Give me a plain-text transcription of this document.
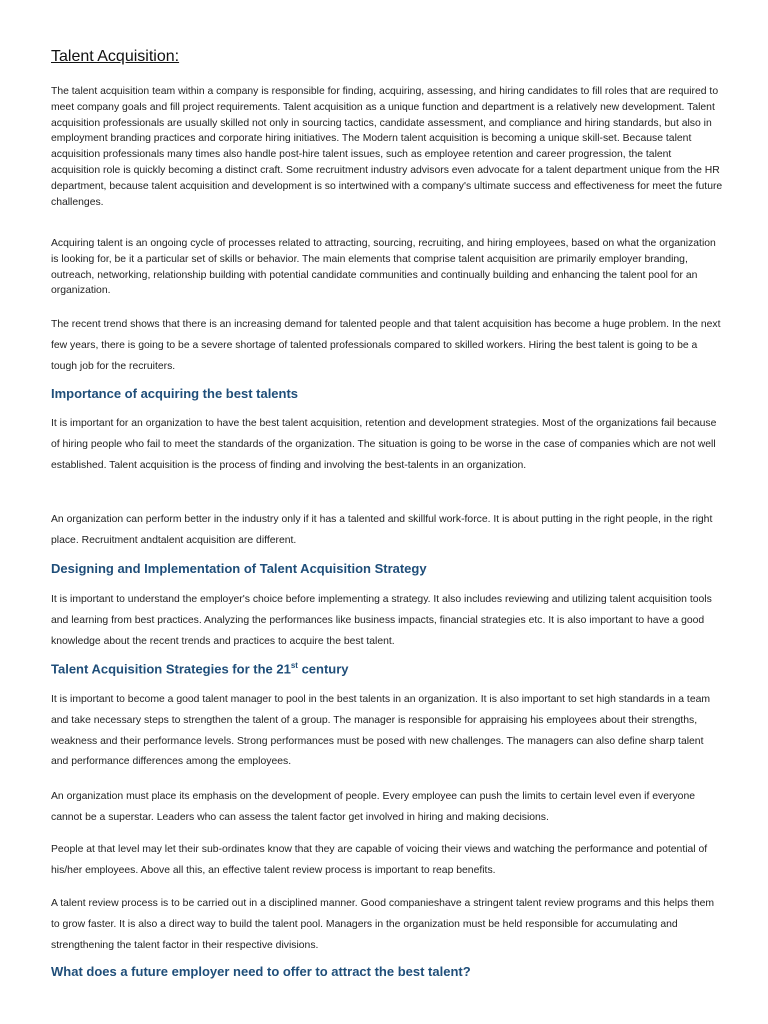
Talent Acquisition:

The talent acquisition team within a company is responsible for finding, acquiring, assessing, and hiring candidates to fill roles that are required to meet company goals and fill project requirements. Talent acquisition as a unique function and department is a relatively new development. Talent acquisition professionals are usually skilled not only in sourcing tactics, candidate assessment, and compliance and hiring standards, but also in employment branding practices and corporate hiring initiatives. The Modern talent acquisition is becoming a unique skill-set. Because talent acquisition professionals many times also handle post-hire talent issues, such as employee retention and career progression, the talent acquisition role is quickly becoming a distinct craft. Some recruitment industry advisors even advocate for a talent department unique from the HR department, because talent acquisition and development is so intertwined with a company's ultimate success and effectiveness for meet the future challenges.

Acquiring talent is an ongoing cycle of processes related to attracting, sourcing, recruiting, and hiring employees, based on what the organization is looking for, be it a particular set of skills or behavior. The main elements that comprise talent acquisition are primarily employer branding, outreach, networking, relationship building with potential candidate communities and continually building and enhancing the talent pool for an organization.

The recent trend shows that there is an increasing demand for talented people and that talent acquisition has become a huge problem. In the next few years, there is going to be a severe shortage of talented professionals compared to skilled workers. Hiring the best talent is going to be a tough job for the recruiters.

Importance of acquiring the best talents

It is important for an organization to have the best talent acquisition, retention and development strategies. Most of the organizations fail because of hiring people who fail to meet the standards of the organization. The situation is going to be worse in the case of companies which are not well established. Talent acquisition is the process of finding and involving the best-talents in an organization.

An organization can perform better in the industry only if it has a talented and skillful work-force. It is about putting in the right people, in the right place. Recruitment andtalent acquisition are different.

Designing and Implementation of Talent Acquisition Strategy

It is important to understand the employer's choice before implementing a strategy. It also includes reviewing and utilizing talent acquisition tools and learning from best practices. Analyzing the performances like business impacts, financial strategies etc. It is also important to have a good knowledge about the recent trends and practices to acquire the best talent.

Talent Acquisition Strategies for the 21st century

It is important to become a good talent manager to pool in the best talents in an organization. It is also important to set high standards in a team and take necessary steps to strengthen the talent of a group. The manager is responsible for appraising his employees about their strengths, weakness and their performance levels. Strong performances must be posed with new challenges. The managers can also define sharp talent and performance differences among the employees.

An organization must place its emphasis on the development of people. Every employee can push the limits to certain level even if everyone cannot be a superstar. Leaders who can assess the talent factor get involved in hiring and making decisions.

People at that level may let their sub-ordinates know that they are capable of voicing their views and watching the performance and potential of his/her employees. Above all this, an effective talent review process is important to reap benefits.

A talent review process is to be carried out in a disciplined manner. Good companieshave a stringent talent review programs and this helps them to grow faster. It is also a direct way to build the talent pool. Managers in the organization must be held responsible for accumulating and strengthening the talent factor in their respective divisions.

What does a future employer need to offer to attract the best talent?
